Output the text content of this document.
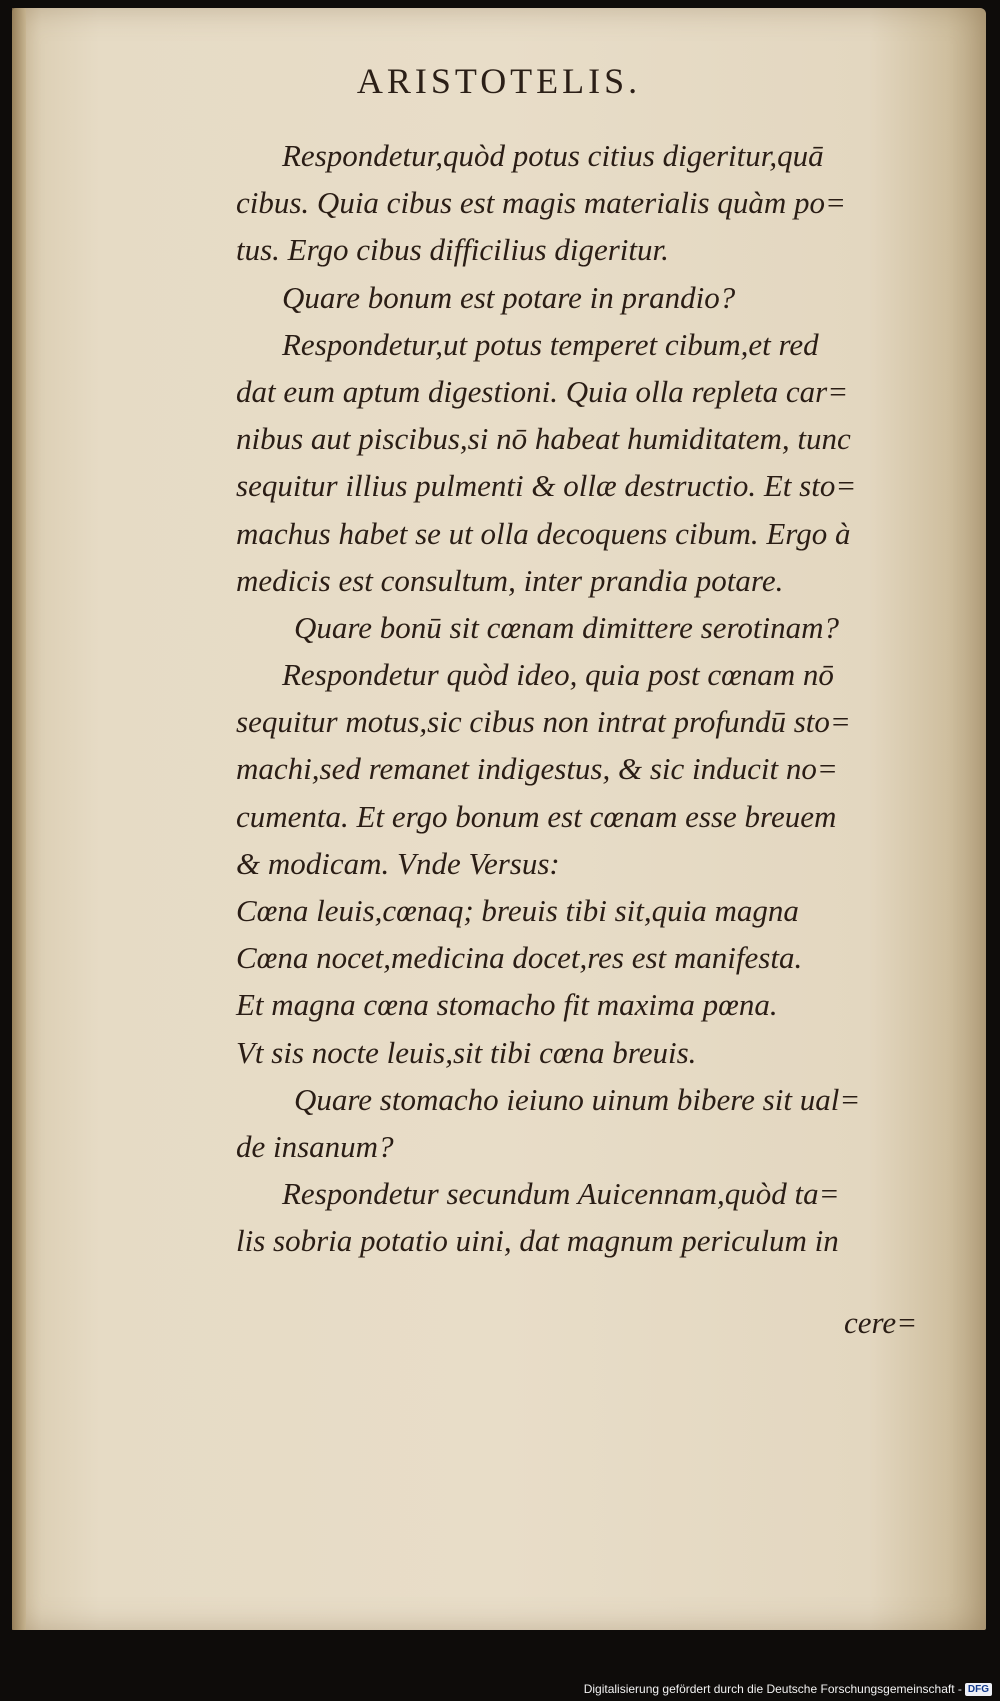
ARISTOTELIS.
Respondetur,quòd potus citius digeritur,quā
cibus. Quia cibus est magis materialis quàm po=
tus. Ergo cibus difficilius digeritur.
Quare bonum est potare in prandio?
Respondetur,ut potus temperet cibum,et red
dat eum aptum digestioni. Quia olla repleta car=
nibus aut piscibus,si nō habeat humiditatem, tunc
sequitur illius pulmenti & ollæ destructio. Et sto=
machus habet se ut olla decoquens cibum. Ergo à
medicis est consultum, inter prandia potare.
Quare bonū sit cœnam dimittere serotinam?
Respondetur quòd ideo, quia post cœnam nō
sequitur motus,sic cibus non intrat profundū sto=
machi,sed remanet indigestus, & sic inducit no=
cumenta. Et ergo bonum est cœnam esse breuem
& modicam. Vnde Versus:
Cœna leuis,cœnaq; breuis tibi sit,quia magna
Cœna nocet,medicina docet,res est manifesta.
Et magna cœna stomacho fit maxima pœna.
Vt sis nocte leuis,sit tibi cœna breuis.
Quare stomacho ieiuno uinum bibere sit ual=
de insanum?
Respondetur secundum Auicennam,quòd ta=
lis sobria potatio uini, dat magnum periculum in
cere=
Digitalisierung gefördert durch die Deutsche Forschungsgemeinschaft - DFG
